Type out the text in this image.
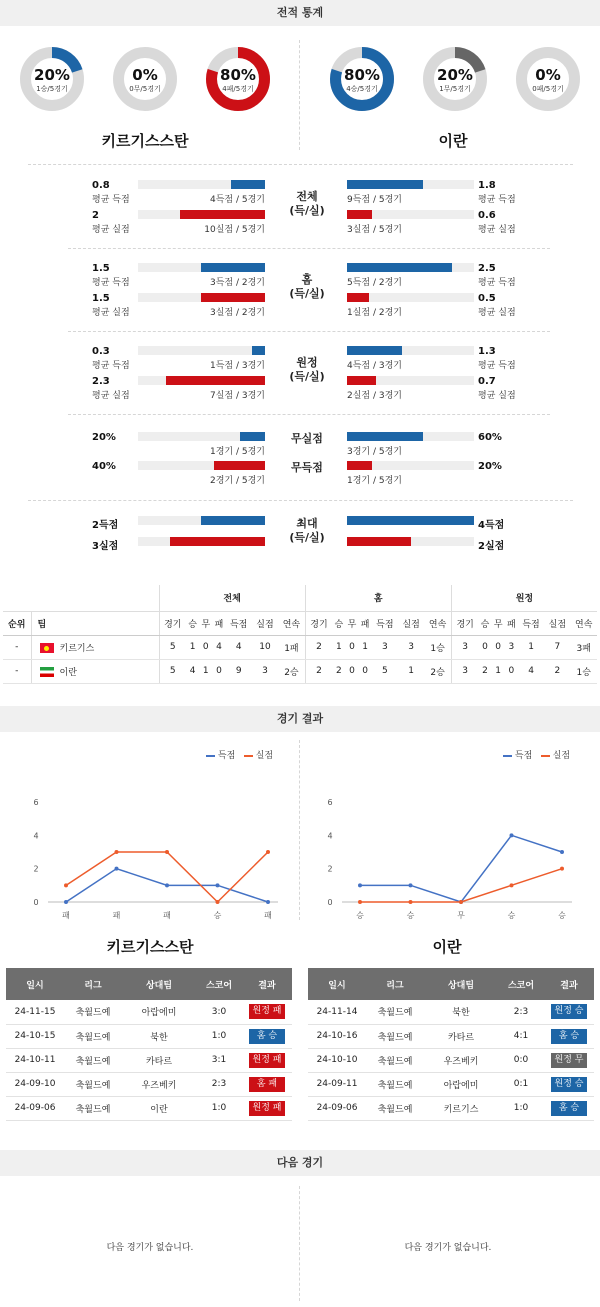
전적 통계
20%
1승/5경기
0%
0무/5경기
80%
4패/5경기
80%
4승/5경기
20%
1무/5경기
0%
0패/5경기
키르기스스탄	이란
0.8
평균 득점	4득점 / 5경기	9득점 / 5경기
1.8
평균 득점
2
평균 실점	10실점 / 5경기	3실점 / 5경기
0.6
평균 실점
전체
(득/실)
1.5
평균 득점	3득점 / 2경기	5득점 / 2경기
2.5
평균 득점
1.5
평균 실점	3실점 / 2경기	1실점 / 2경기
0.5
평균 실점
홈
(득/실)
0.3
평균 득점	1득점 / 3경기	4득점 / 3경기
1.3
평균 득점
2.3
평균 실점	7실점 / 3경기	2실점 / 3경기
0.7
평균 실점
원정
(득/실)
20%
1경기 / 5경기	3경기 / 5경기
60%
무실점
40%
2경기 / 5경기	1경기 / 5경기
20%
무득점
2득점	4득점
3실점	2실점
최대
(득/실)
		전체							홈							원정						
순위	팀	경기	승	무	패	득점	실점	연속	경기	승	무	패	득점	실점	연속	경기	승	무	패	득점	실점	연속
-	키르기스	5	1	0	4	4	10	1패	2	1	0	1	3	3	1승	3	0	0	3	1	7	3패
-	이란	5	4	1	0	9	3	2승	2	2	0	0	5	1	2승	3	2	1	0	4	2	1승
경기 결과
득점 실점	득점 실점
0
2
4
6
패	패	패	승	패
0
2
4
6
승	승	무	승	승
키르기스스탄	이란
일시	리그	상대팀	스코어	결과
24-11-15	축월드예	아랍에미	3:0	원정 패
24-10-15	축월드예	북한	1:0	홈 승
24-10-11	축월드예	카타르	3:1	원정 패
24-09-10	축월드예	우즈베키	2:3	홈 패
24-09-06	축월드예	이란	1:0	원정 패
일시	리그	상대팀	스코어	결과
24-11-14	축월드예	북한	2:3	원정 승
24-10-16	축월드예	카타르	4:1	홈 승
24-10-10	축월드예	우즈베키	0:0	원정 무
24-09-11	축월드예	아랍에미	0:1	원정 승
24-09-06	축월드예	키르기스	1:0	홈 승
다음 경기
다음 경기가 없습니다.	다음 경기가 없습니다.
